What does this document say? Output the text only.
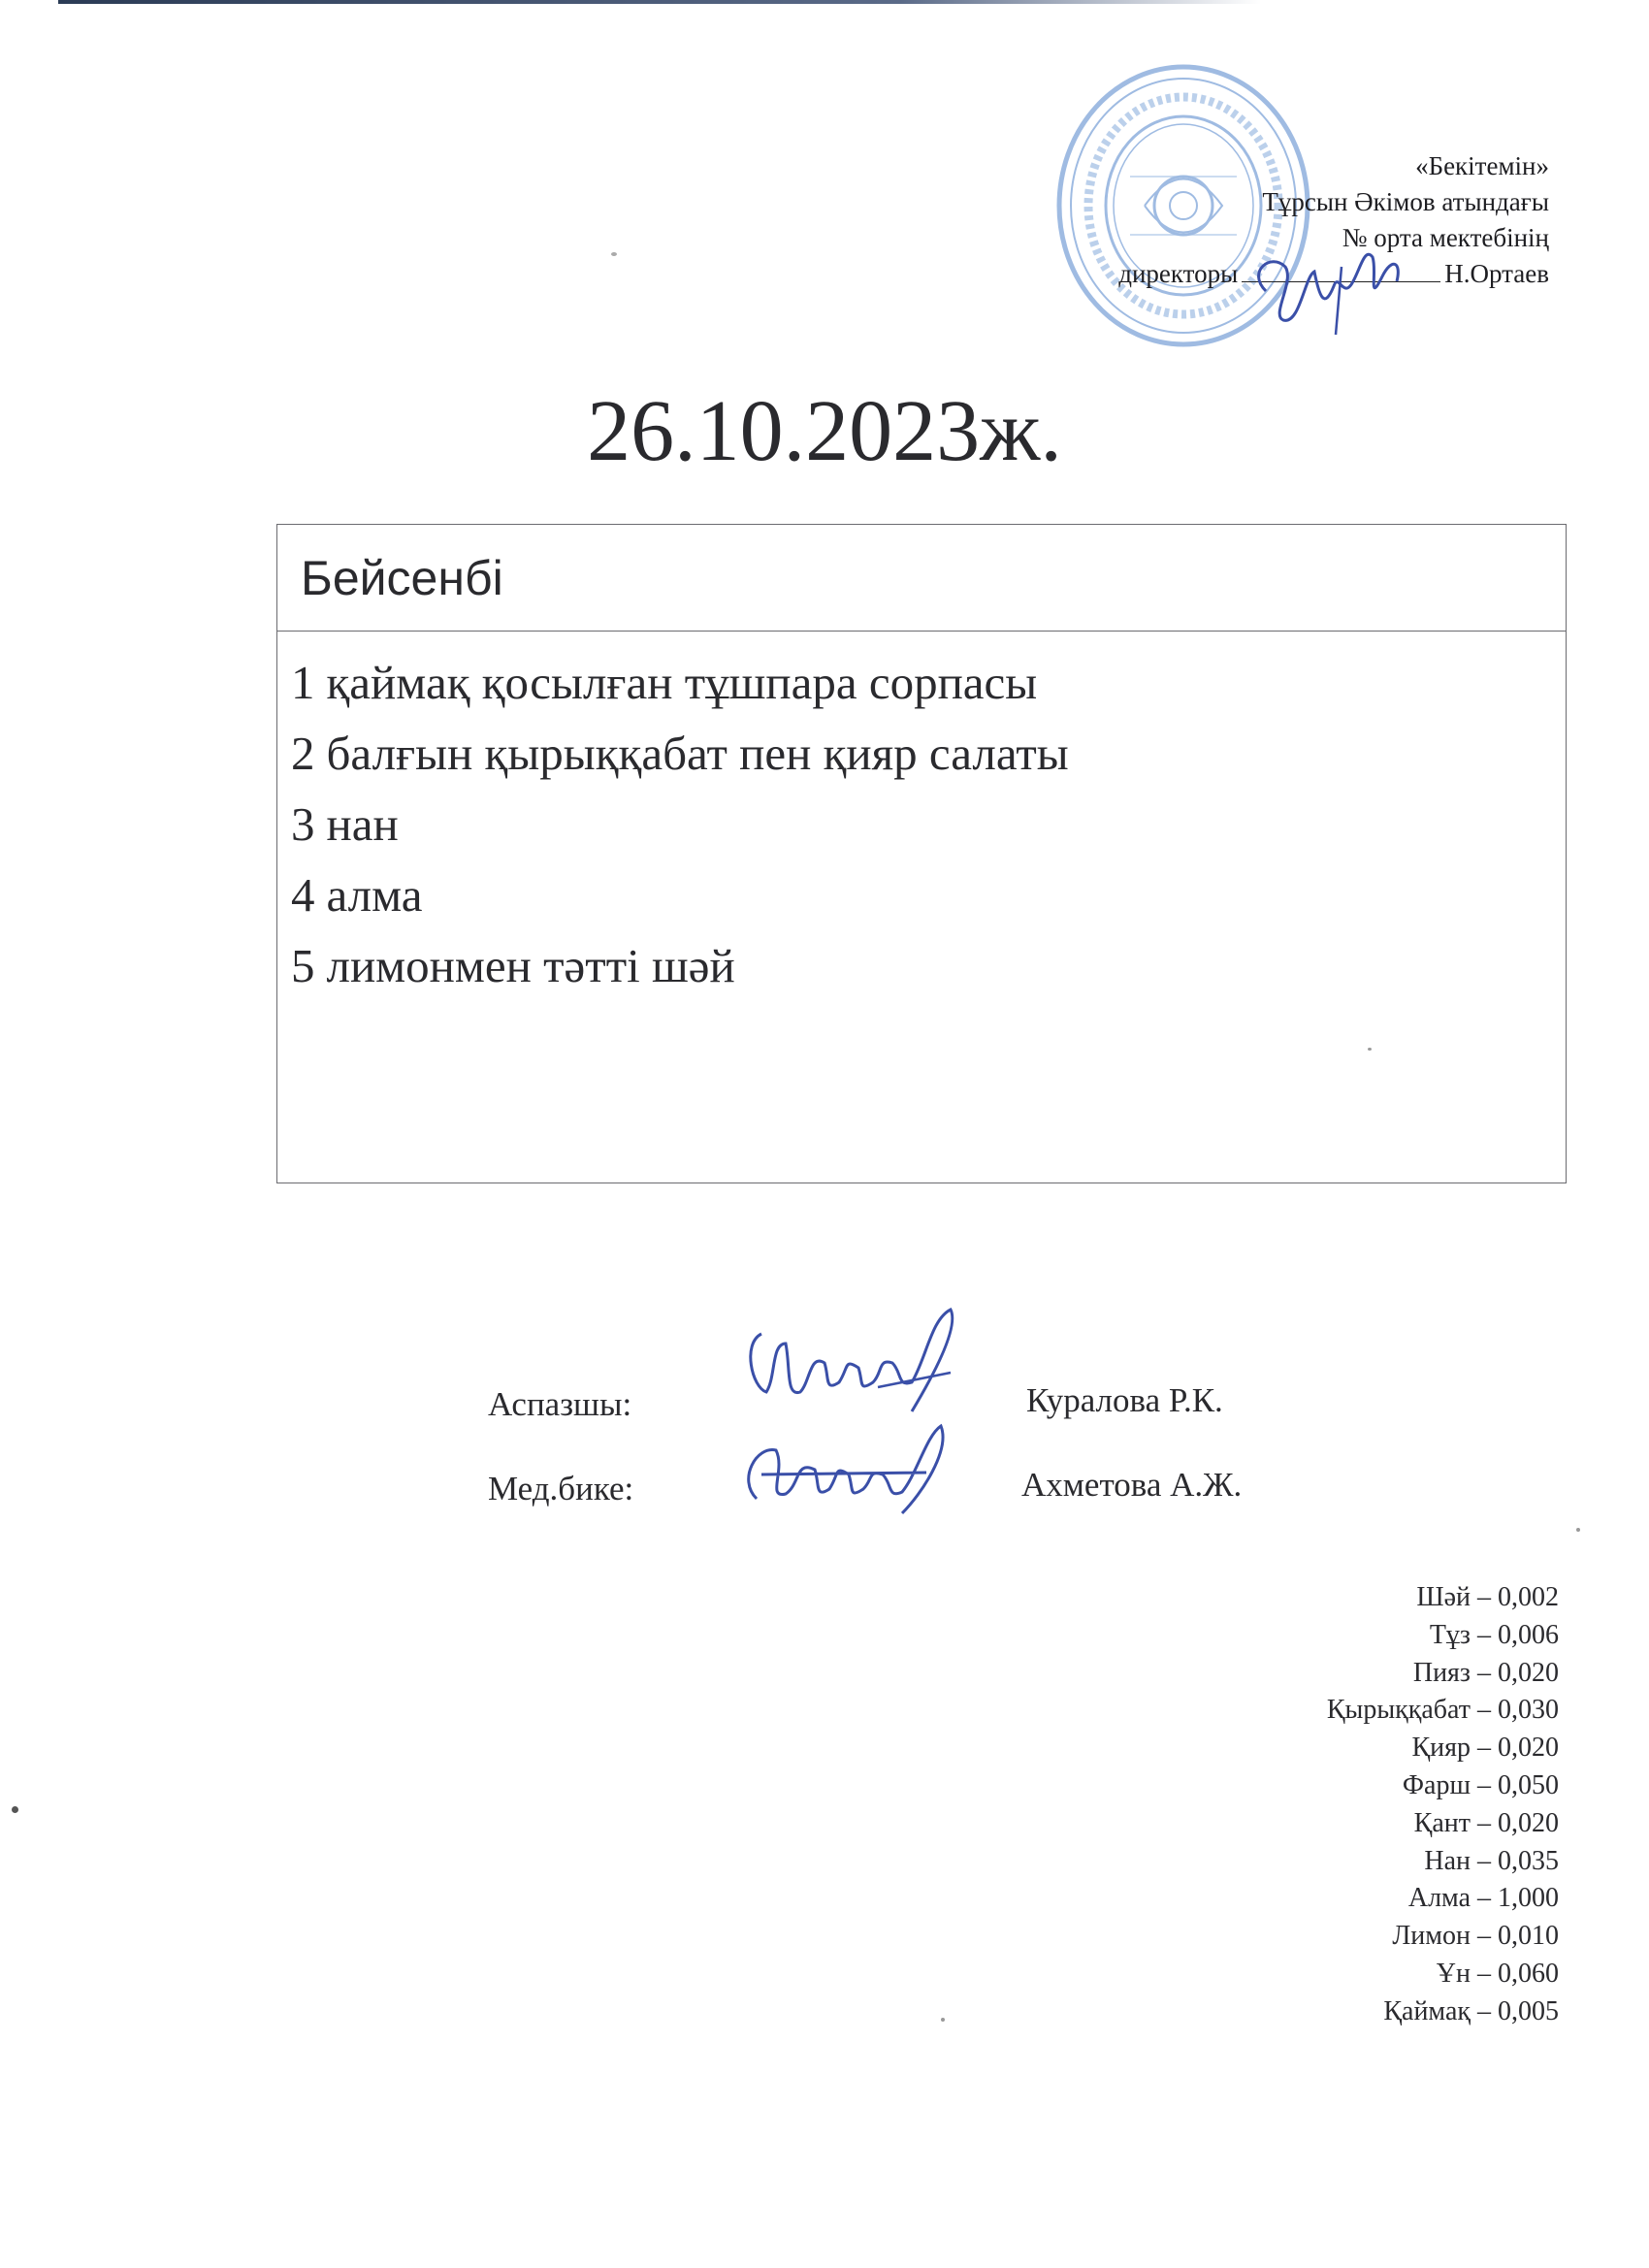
«Бекітемін»
Тұрсын Әкімов атындағы
№ орта мектебінің
директоры	Н.Ортаев
26.10.2023ж.
Бейсенбі
1 қаймақ қосылған тұшпара сорпасы
2 балғын қырыққабат пен қияр салаты
3 нан
4 алма
5 лимонмен тәтті шәй
Аспазшы:	Куралова Р.К.
Мед.бике:	Ахметова А.Ж.
Шәй – 0,002
Тұз – 0,006
Пияз – 0,020
Қырыққабат – 0,030
Қияр – 0,020
Фарш – 0,050
Қант – 0,020
Нан – 0,035
Алма – 1,000
Лимон – 0,010
Ұн – 0,060
Қаймақ – 0,005
